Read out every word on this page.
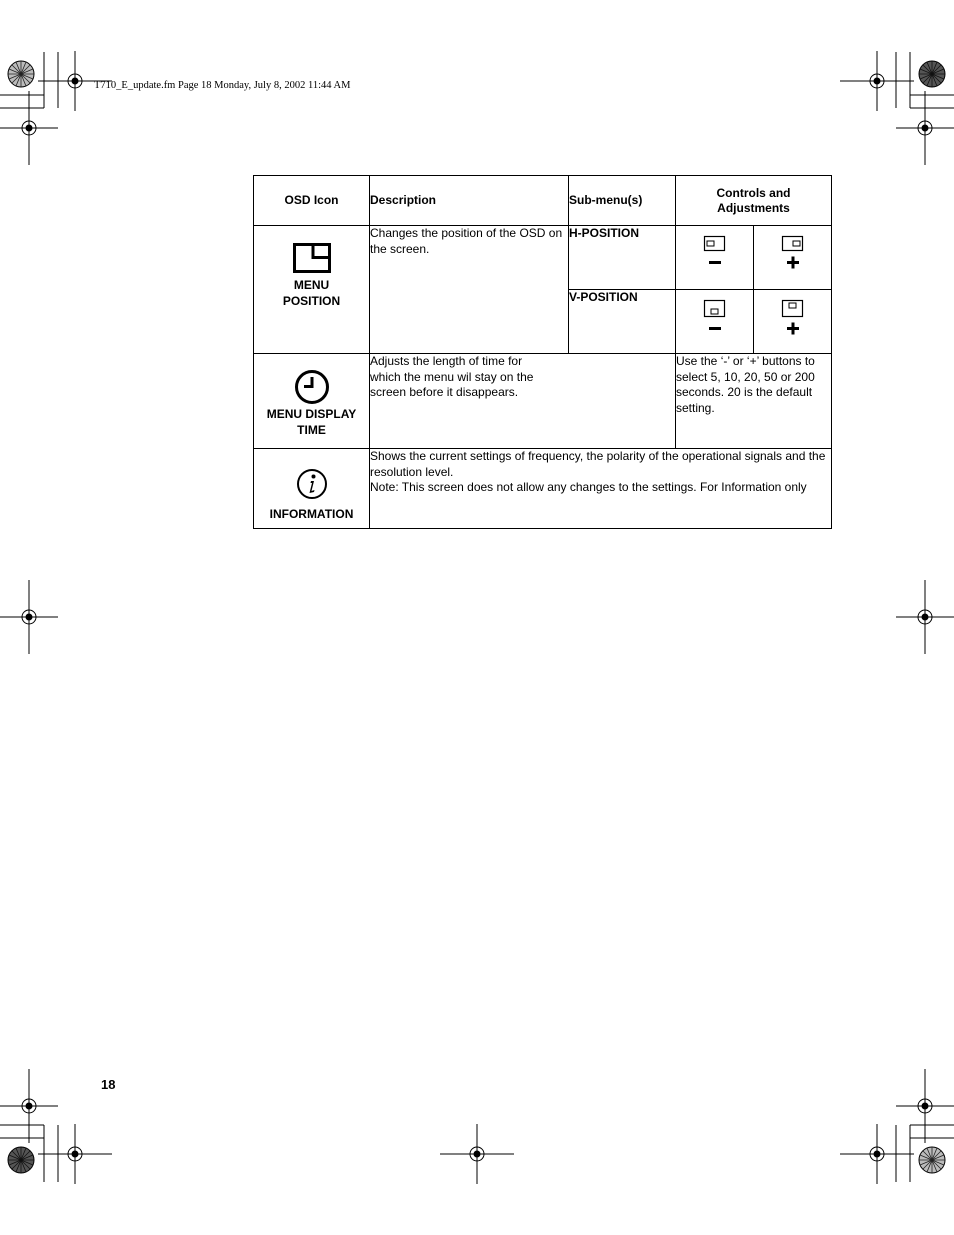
T710_E_update.fm Page 18 Monday, July 8, 2002 11:44 AM
OSD Icon	Description	Sub-menu(s)	Controls and Adjustments	

MENU
POSITION	Changes the position of the OSD on the screen.	H-POSITION	

		V-POSITION	

MENU DISPLAY
TIME	Adjusts the length of time for which the menu wil stay on the screen before it disappears.		Use the ‘-’ or ‘+’ buttons to select 5, 10, 20, 50 or 200 seconds. 20 is the default setting.	

INFORMATION	Shows the current settings of frequency, the polarity of the operational signals and the resolution level.
Note: This screen does not allow any changes to the settings. For Information only			
18
